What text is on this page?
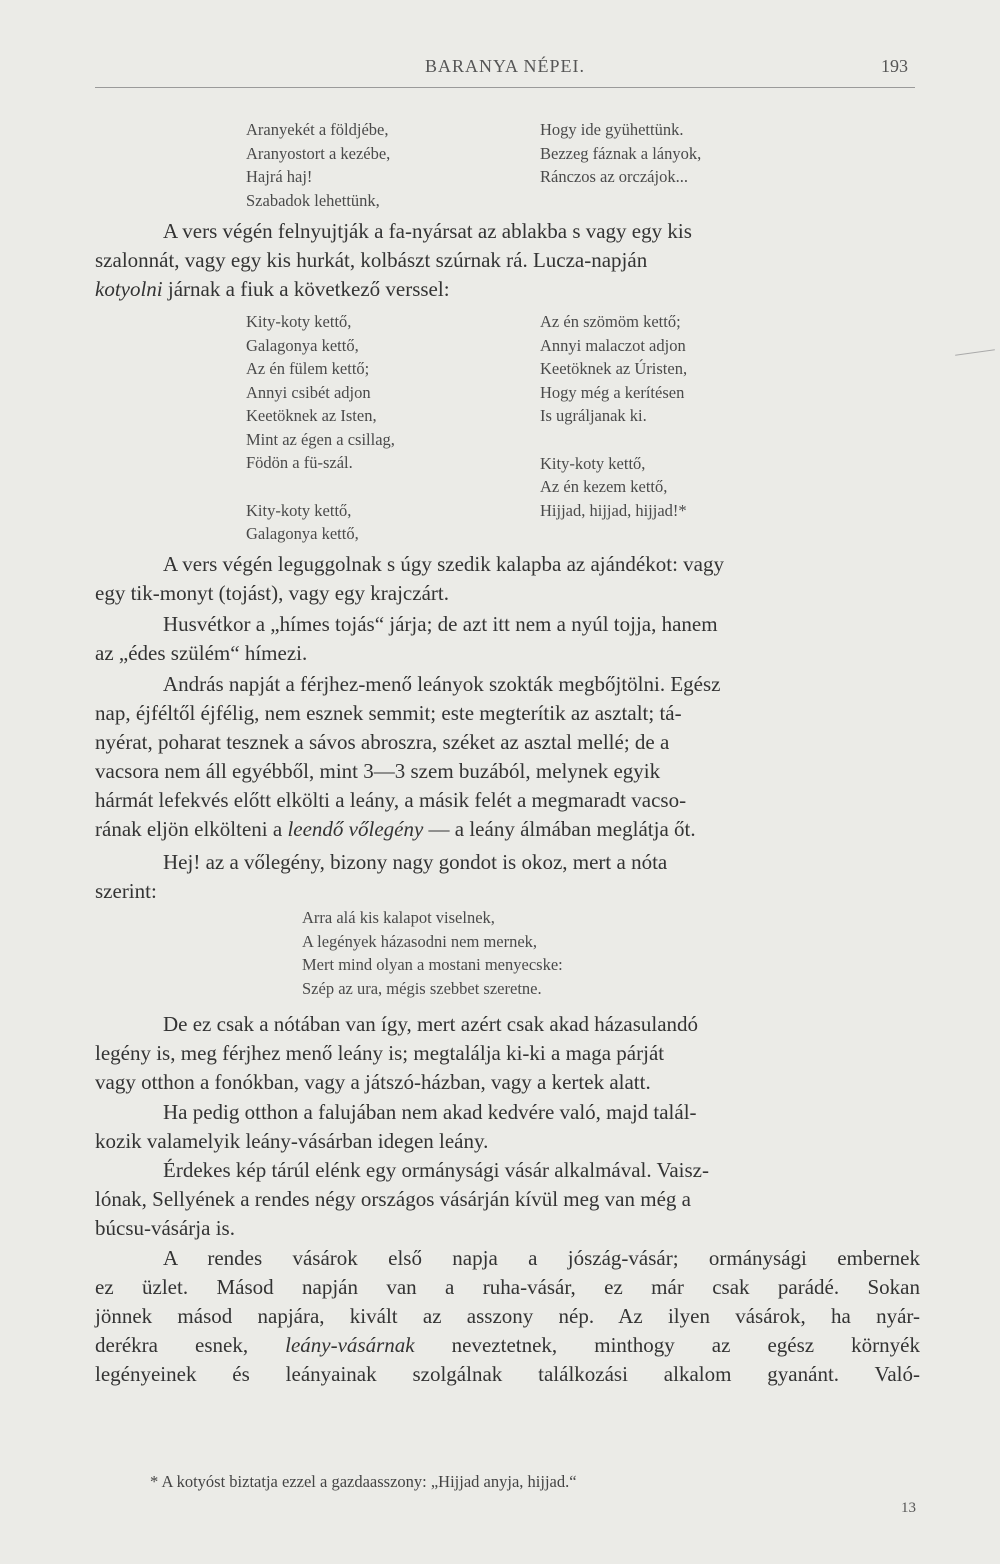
BARANYA NÉPEI.	193
Aranyekét a földjébe,
Aranyostort a kezébe,
Hajrá haj!
Szabadok lehettünk,
Hogy ide gyühettünk.
Bezzeg fáznak a lányok,
Ránczos az orczájok...
A vers végén felnyujtják a fa-nyársat az ablakba s vagy egy kis
szalonnát, vagy egy kis hurkát, kolbászt szúrnak rá. Lucza-napján
kotyolni járnak a fiuk a következő verssel:
Kity-koty kettő,
Galagonya kettő,
Az én fülem kettő;
Annyi csibét adjon
Keetöknek az Isten,
Mint az égen a csillag,
Födön a fü-szál.
Kity-koty kettő,
Galagonya kettő,
Az én szömöm kettő;
Annyi malaczot adjon
Keetöknek az Úristen,
Hogy még a kerítésen
Is ugráljanak ki.
Kity-koty kettő,
Az én kezem kettő,
Hijjad, hijjad, hijjad!*
A vers végén leguggolnak s úgy szedik kalapba az ajándékot: vagy
egy tik-monyt (tojást), vagy egy krajczárt.
Husvétkor a „hímes tojás“ járja; de azt itt nem a nyúl tojja, hanem
az „édes szülém“ hímezi.
András napját a férjhez-menő leányok szokták megbőjtölni. Egész
nap, éjféltől éjfélig, nem esznek semmit; este megterítik az asztalt; tá-
nyérat, poharat tesznek a sávos abroszra, széket az asztal mellé; de a
vacsora nem áll egyébből, mint 3—3 szem buzából, melynek egyik
hármát lefekvés előtt elkölti a leány, a másik felét a megmaradt vacso-
rának eljön elkölteni a leendő vőlegény — a leány álmában meglátja őt.
Hej! az a vőlegény, bizony nagy gondot is okoz, mert a nóta
szerint:
Arra alá kis kalapot viselnek,
A legények házasodni nem mernek,
Mert mind olyan a mostani menyecske:
Szép az ura, mégis szebbet szeretne.
De ez csak a nótában van így, mert azért csak akad házasulandó
legény is, meg férjhez menő leány is; megtalálja ki-ki a maga párját
vagy otthon a fonókban, vagy a játszó-házban, vagy a kertek alatt.
Ha pedig otthon a falujában nem akad kedvére való, majd talál-
kozik valamelyik leány-vásárban idegen leány.
Érdekes kép tárúl elénk egy ormánysági vásár alkalmával. Vaisz-
lónak, Sellyének a rendes négy országos vásárján kívül meg van még a
búcsu-vásárja is.
A rendes vásárok első napja a jószág-vásár; ormánysági embernek
ez üzlet. Másod napján van a ruha-vásár, ez már csak parádé. Sokan
jönnek másod napjára, kivált az asszony nép. Az ilyen vásárok, ha nyár-
derékra esnek, leány-vásárnak neveztetnek, minthogy az egész környék
legényeinek és leányainak szolgálnak találkozási alkalom gyanánt. Való-
* A kotyóst biztatja ezzel a gazdaasszony: „Hijjad anyja, hijjad.“
13
